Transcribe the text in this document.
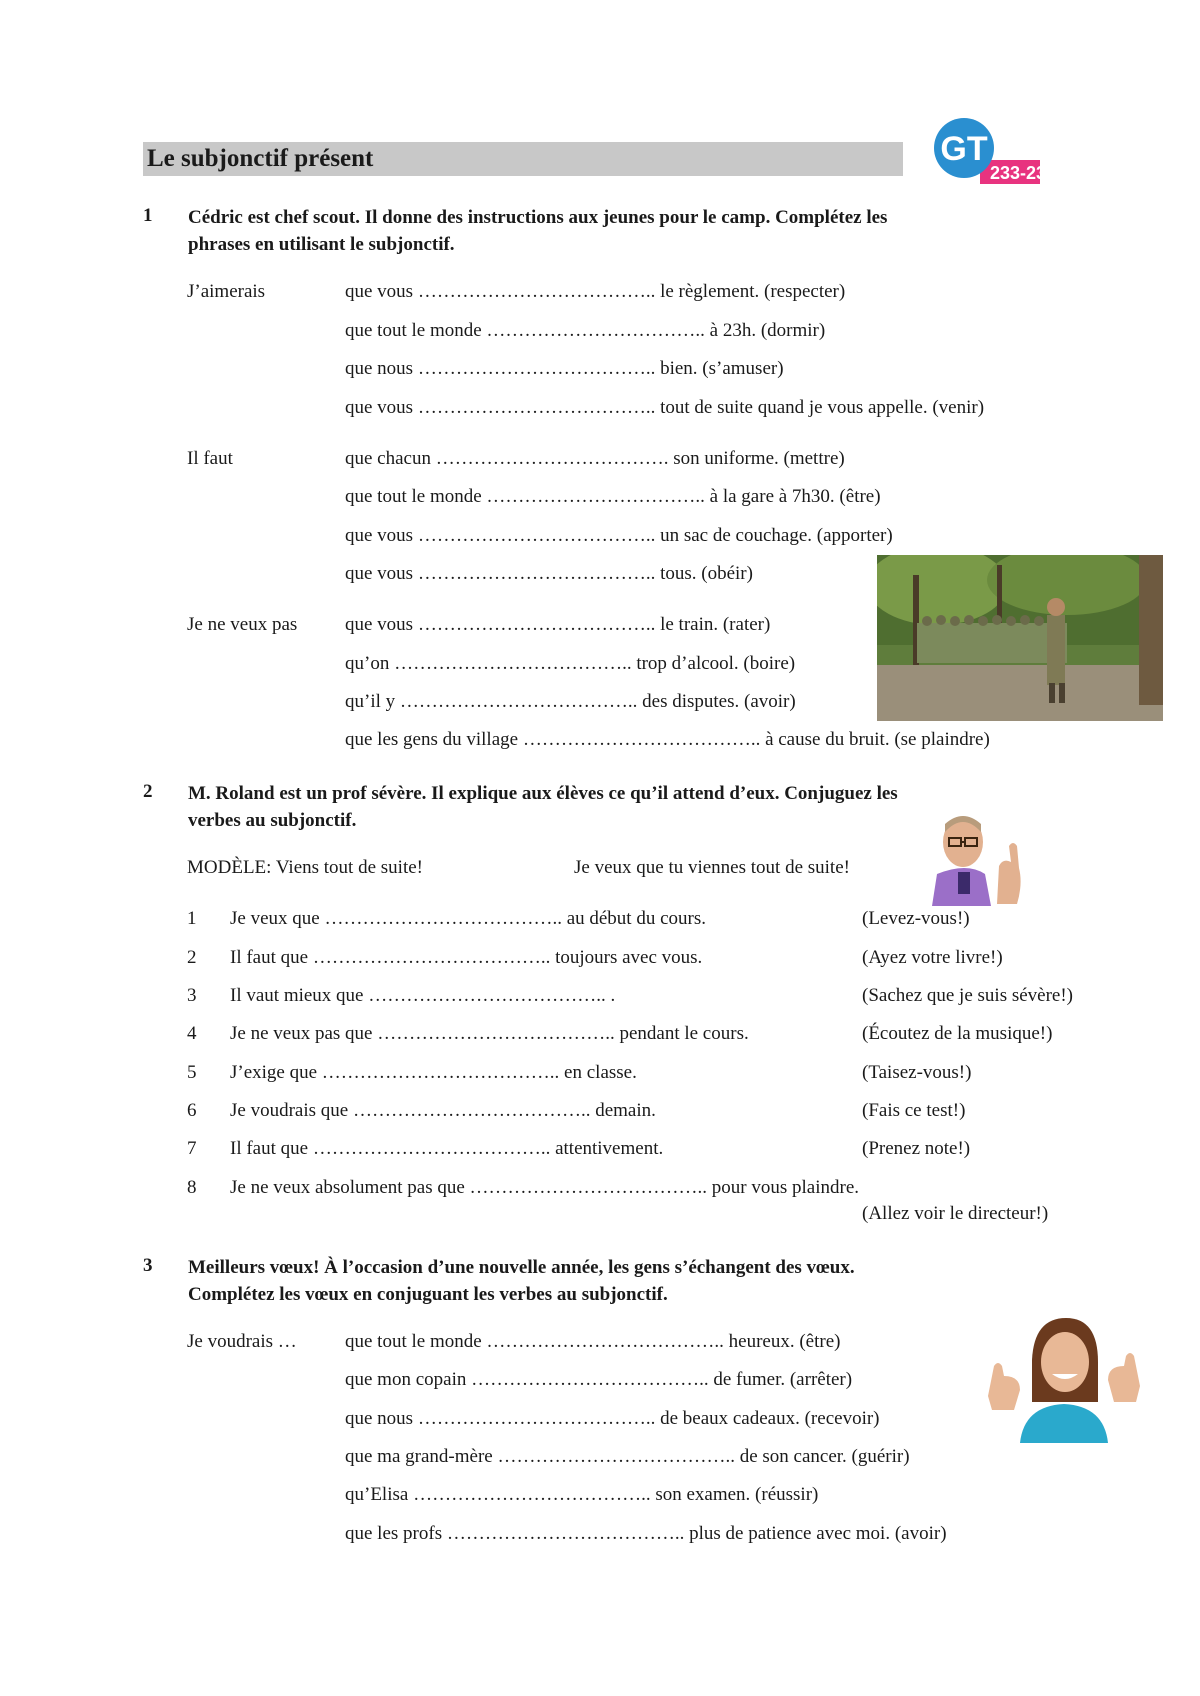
Le subjonctif présent	GT
233-234
1 Cédric est chef scout. Il donne des instructions aux jeunes pour le camp. Complétez les
phrases en utilisant le subjonctif.
J’aimerais	que vous ……………………………….. le règlement. (respecter)
que tout le monde …………………………….. à 23h. (dormir)
que nous ……………………………….. bien. (s’amuser)
que vous ……………………………….. tout de suite quand je vous appelle. (venir)
Il faut	que chacun ………………………………. son uniforme. (mettre)
que tout le monde …………………………….. à la gare à 7h30. (être)
que vous ……………………………….. un sac de couchage. (apporter)
que vous ……………………………….. tous. (obéir)
Je ne veux pas	que vous ……………………………….. le train. (rater)
qu’on ……………………………….. trop d’alcool. (boire)
qu’il y ……………………………….. des disputes. (avoir)
que les gens du village ……………………………….. à cause du bruit. (se plaindre)
2 M. Roland est un prof sévère. Il explique aux élèves ce qu’il attend d’eux. Conjuguez les
verbes au subjonctif.
MODÈLE: Viens tout de suite!	Je veux que tu viennes tout de suite!
1 Je veux que ……………………………….. au début du cours.	(Levez-vous!)
2 Il faut que ……………………………….. toujours avec vous.	(Ayez votre livre!)
3 Il vaut mieux que ……………………………….. .	(Sachez que je suis sévère!)
4 Je ne veux pas que ……………………………….. pendant le cours.	(Écoutez de la musique!)
5 J’exige que ……………………………….. en classe.	(Taisez-vous!)
6 Je voudrais que ……………………………….. demain.	(Fais ce test!)
7 Il faut que ……………………………….. attentivement.	(Prenez note!)
8 Je ne veux absolument pas que ……………………………….. pour vous plaindre.
(Allez voir le directeur!)
3 Meilleurs vœux! À l’occasion d’une nouvelle année, les gens s’échangent des vœux.
Complétez les vœux en conjuguant les verbes au subjonctif.
Je voudrais …	que tout le monde ……………………………….. heureux. (être)
que mon copain ……………………………….. de fumer. (arrêter)
que nous ……………………………….. de beaux cadeaux. (recevoir)
que ma grand-mère ……………………………….. de son cancer. (guérir)
qu’Elisa ……………………………….. son examen. (réussir)
que les profs ……………………………….. plus de patience avec moi. (avoir)
